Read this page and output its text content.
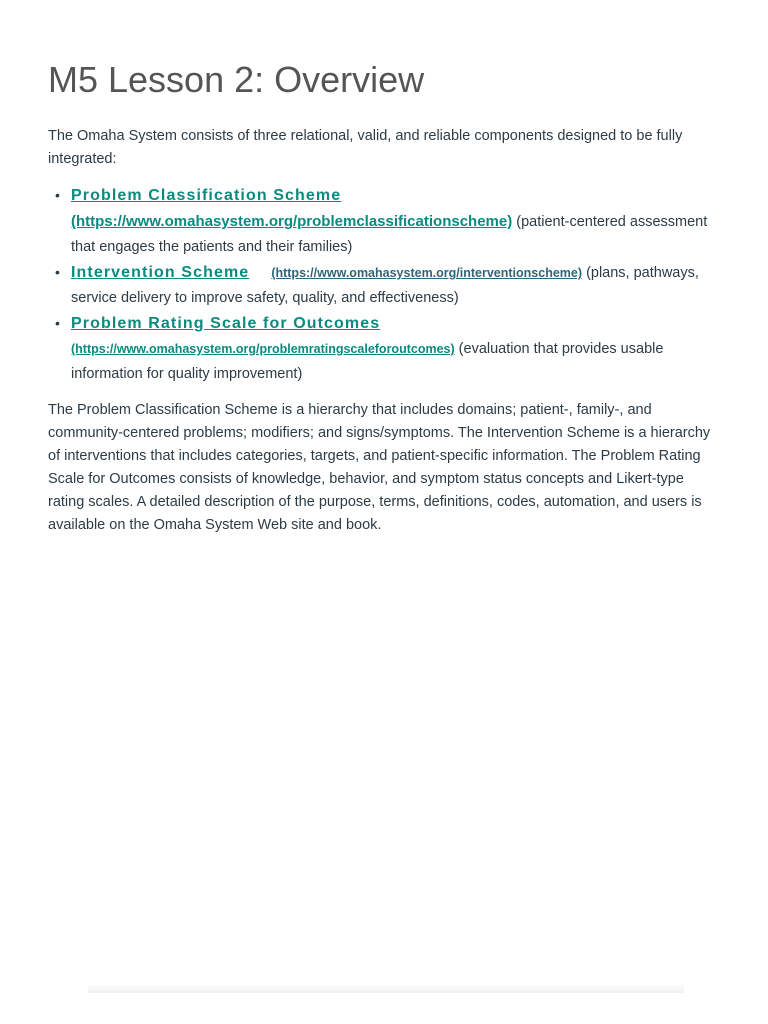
M5 Lesson 2: Overview

The Omaha System consists of three relational, valid, and reliable components designed to be fully integrated:

• Problem Classification Scheme
(https://www.omahasystem.org/problemclassificationscheme) (patient-centered assessment that engages the patients and their families)
• Intervention Scheme (https://www.omahasystem.org/interventionscheme) (plans, pathways, service delivery to improve safety, quality, and effectiveness)
• Problem Rating Scale for Outcomes
(https://www.omahasystem.org/problemratingscaleforoutcomes) (evaluation that provides usable information for quality improvement)

The Problem Classification Scheme is a hierarchy that includes domains; patient-, family-, and community-centered problems; modifiers; and signs/symptoms. The Intervention Scheme is a hierarchy of interventions that includes categories, targets, and patient-specific information. The Problem Rating Scale for Outcomes consists of knowledge, behavior, and symptom status concepts and Likert-type rating scales. A detailed description of the purpose, terms, definitions, codes, automation, and users is available on the Omaha System Web site and book.
